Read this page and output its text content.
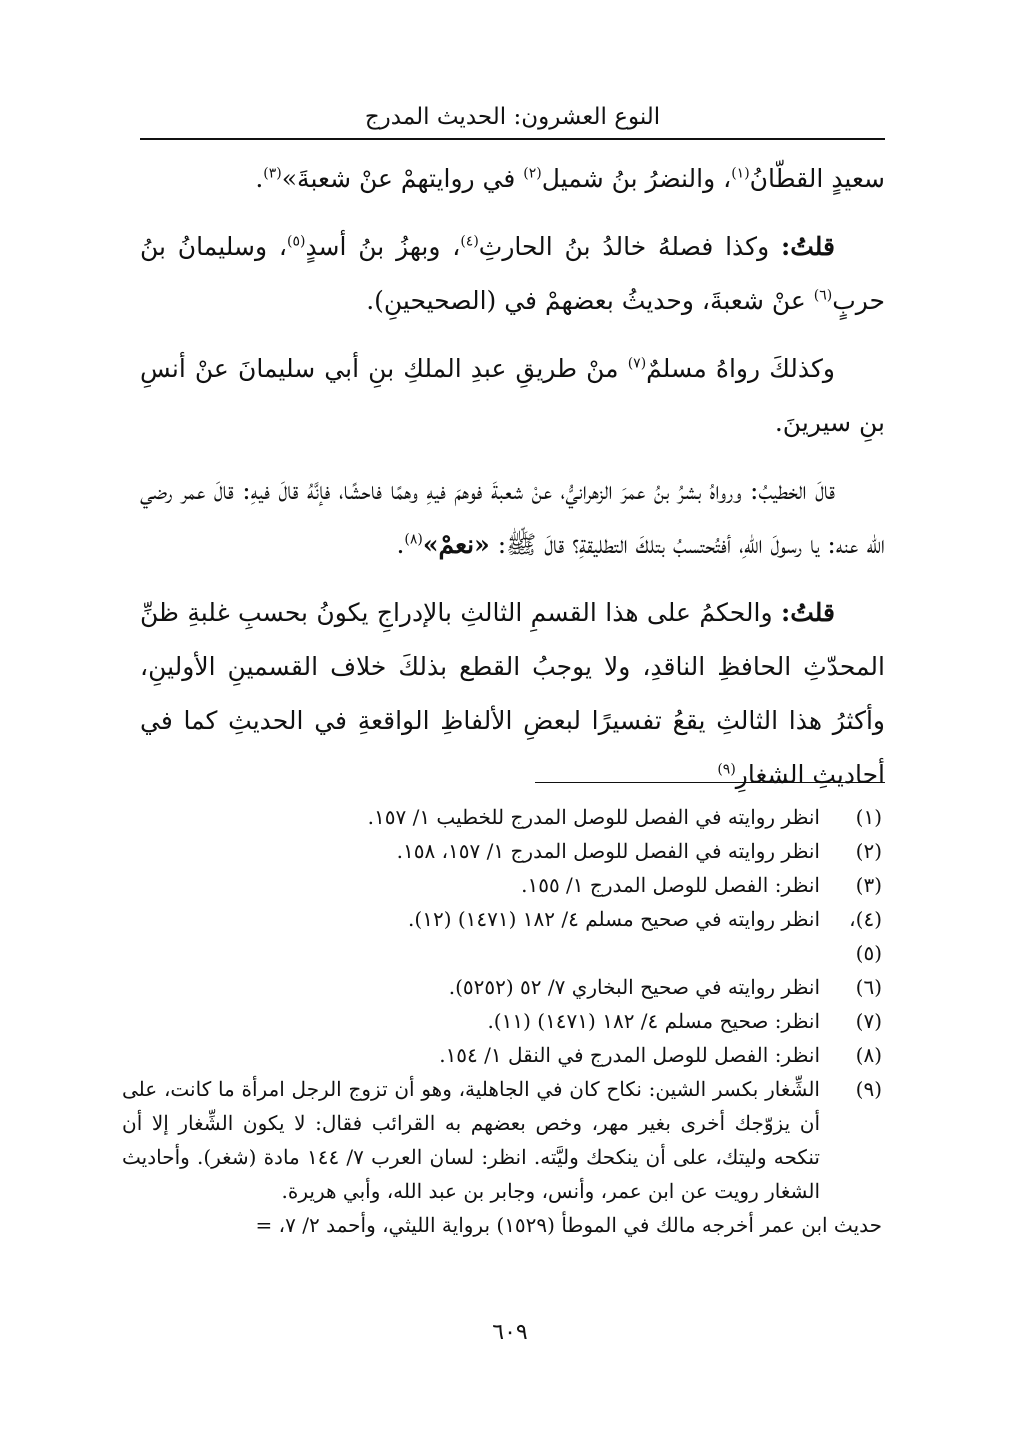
النوع العشرون: الحديث المدرج

سعيدٍ القطّانُ$^{(١)}$، والنضرُ بنُ شميل$^{(٢)}$ في روايتهمْ عنْ شعبةَ»$^{(٣)}$.

قلتُ: وكذا فصلهُ خالدُ بنُ الحارثِ$^{(٤)}$، وبهزُ بنُ أسدٍ$^{(٥)}$، وسليمانُ بنُ حربٍ$^{(٦)}$ عنْ شعبةَ، وحديثُ بعضهمْ في (الصحيحينِ).

وكذلكَ رواهُ مسلمٌ$^{(٧)}$ منْ طريقِ عبدِ الملكِ بنِ أبي سليمانَ عنْ أنسِ بنِ سيرينَ.

قالَ الخطيبُ: ورواهُ بشرُ بنُ عمرَ الزهرانيُّ، عنْ شعبةَ فوهمَ فيهِ وهمًا فاحشًا، فإنَّهُ قالَ فيهِ: قالَ عمر رضي الله عنه: يا رسولَ اللهِ، أفتُحتسبُ بتلكَ التطليقةِ؟ قالَ ﷺ: «نعمْ»$^{(٨)}$.

قلتُ: والحكمُ على هذا القسمِ الثالثِ بالإدراجِ يكونُ بحسبِ غلبةِ ظنِّ المحدّثِ الحافظِ الناقدِ، ولا يوجبُ القطع بذلكَ خلاف القسمينِ الأولينِ، وأكثرُ هذا الثالثِ يقعُ تفسيرًا لبعضِ الألفاظِ الواقعةِ في الحديثِ كما في أحاديثِ الشغارِ$^{(٩)}$

(١)
انظر روايته في الفصل للوصل المدرج للخطيب ١/ ١٥٧.
(٢)
انظر روايته في الفصل للوصل المدرج ١/ ١٥٧، ١٥٨.
(٣)
انظر: الفصل للوصل المدرج ١/ ١٥٥.
(٤)، (٥)
انظر روايته في صحيح مسلم ٤/ ١٨٢ (١٤٧١) (١٢).
(٦)
انظر روايته في صحيح البخاري ٧/ ٥٢ (٥٢٥٢).
(٧)
انظر: صحيح مسلم ٤/ ١٨٢ (١٤٧١) (١١).
(٨)
انظر: الفصل للوصل المدرج في النقل ١/ ١٥٤.
(٩)
الشِّغار بكسر الشين: نكاح كان في الجاهلية، وهو أن تزوج الرجل امرأة ما كانت، على أن يزوّجك أخرى بغير مهر، وخص بعضهم به القرائب فقال: لا يكون الشِّغار إلا أن تنكحه وليتك، على أن ينكحك وليَّته. انظر: لسان العرب ٧/ ١٤٤ مادة (شغر). وأحاديث الشغار رويت عن ابن عمر، وأنس، وجابر بن عبد الله، وأبي هريرة.
حديث ابن عمر أخرجه مالك في الموطأ (١٥٢٩) برواية الليثي، وأحمد ٢/ ٧، =
٦٠٩
